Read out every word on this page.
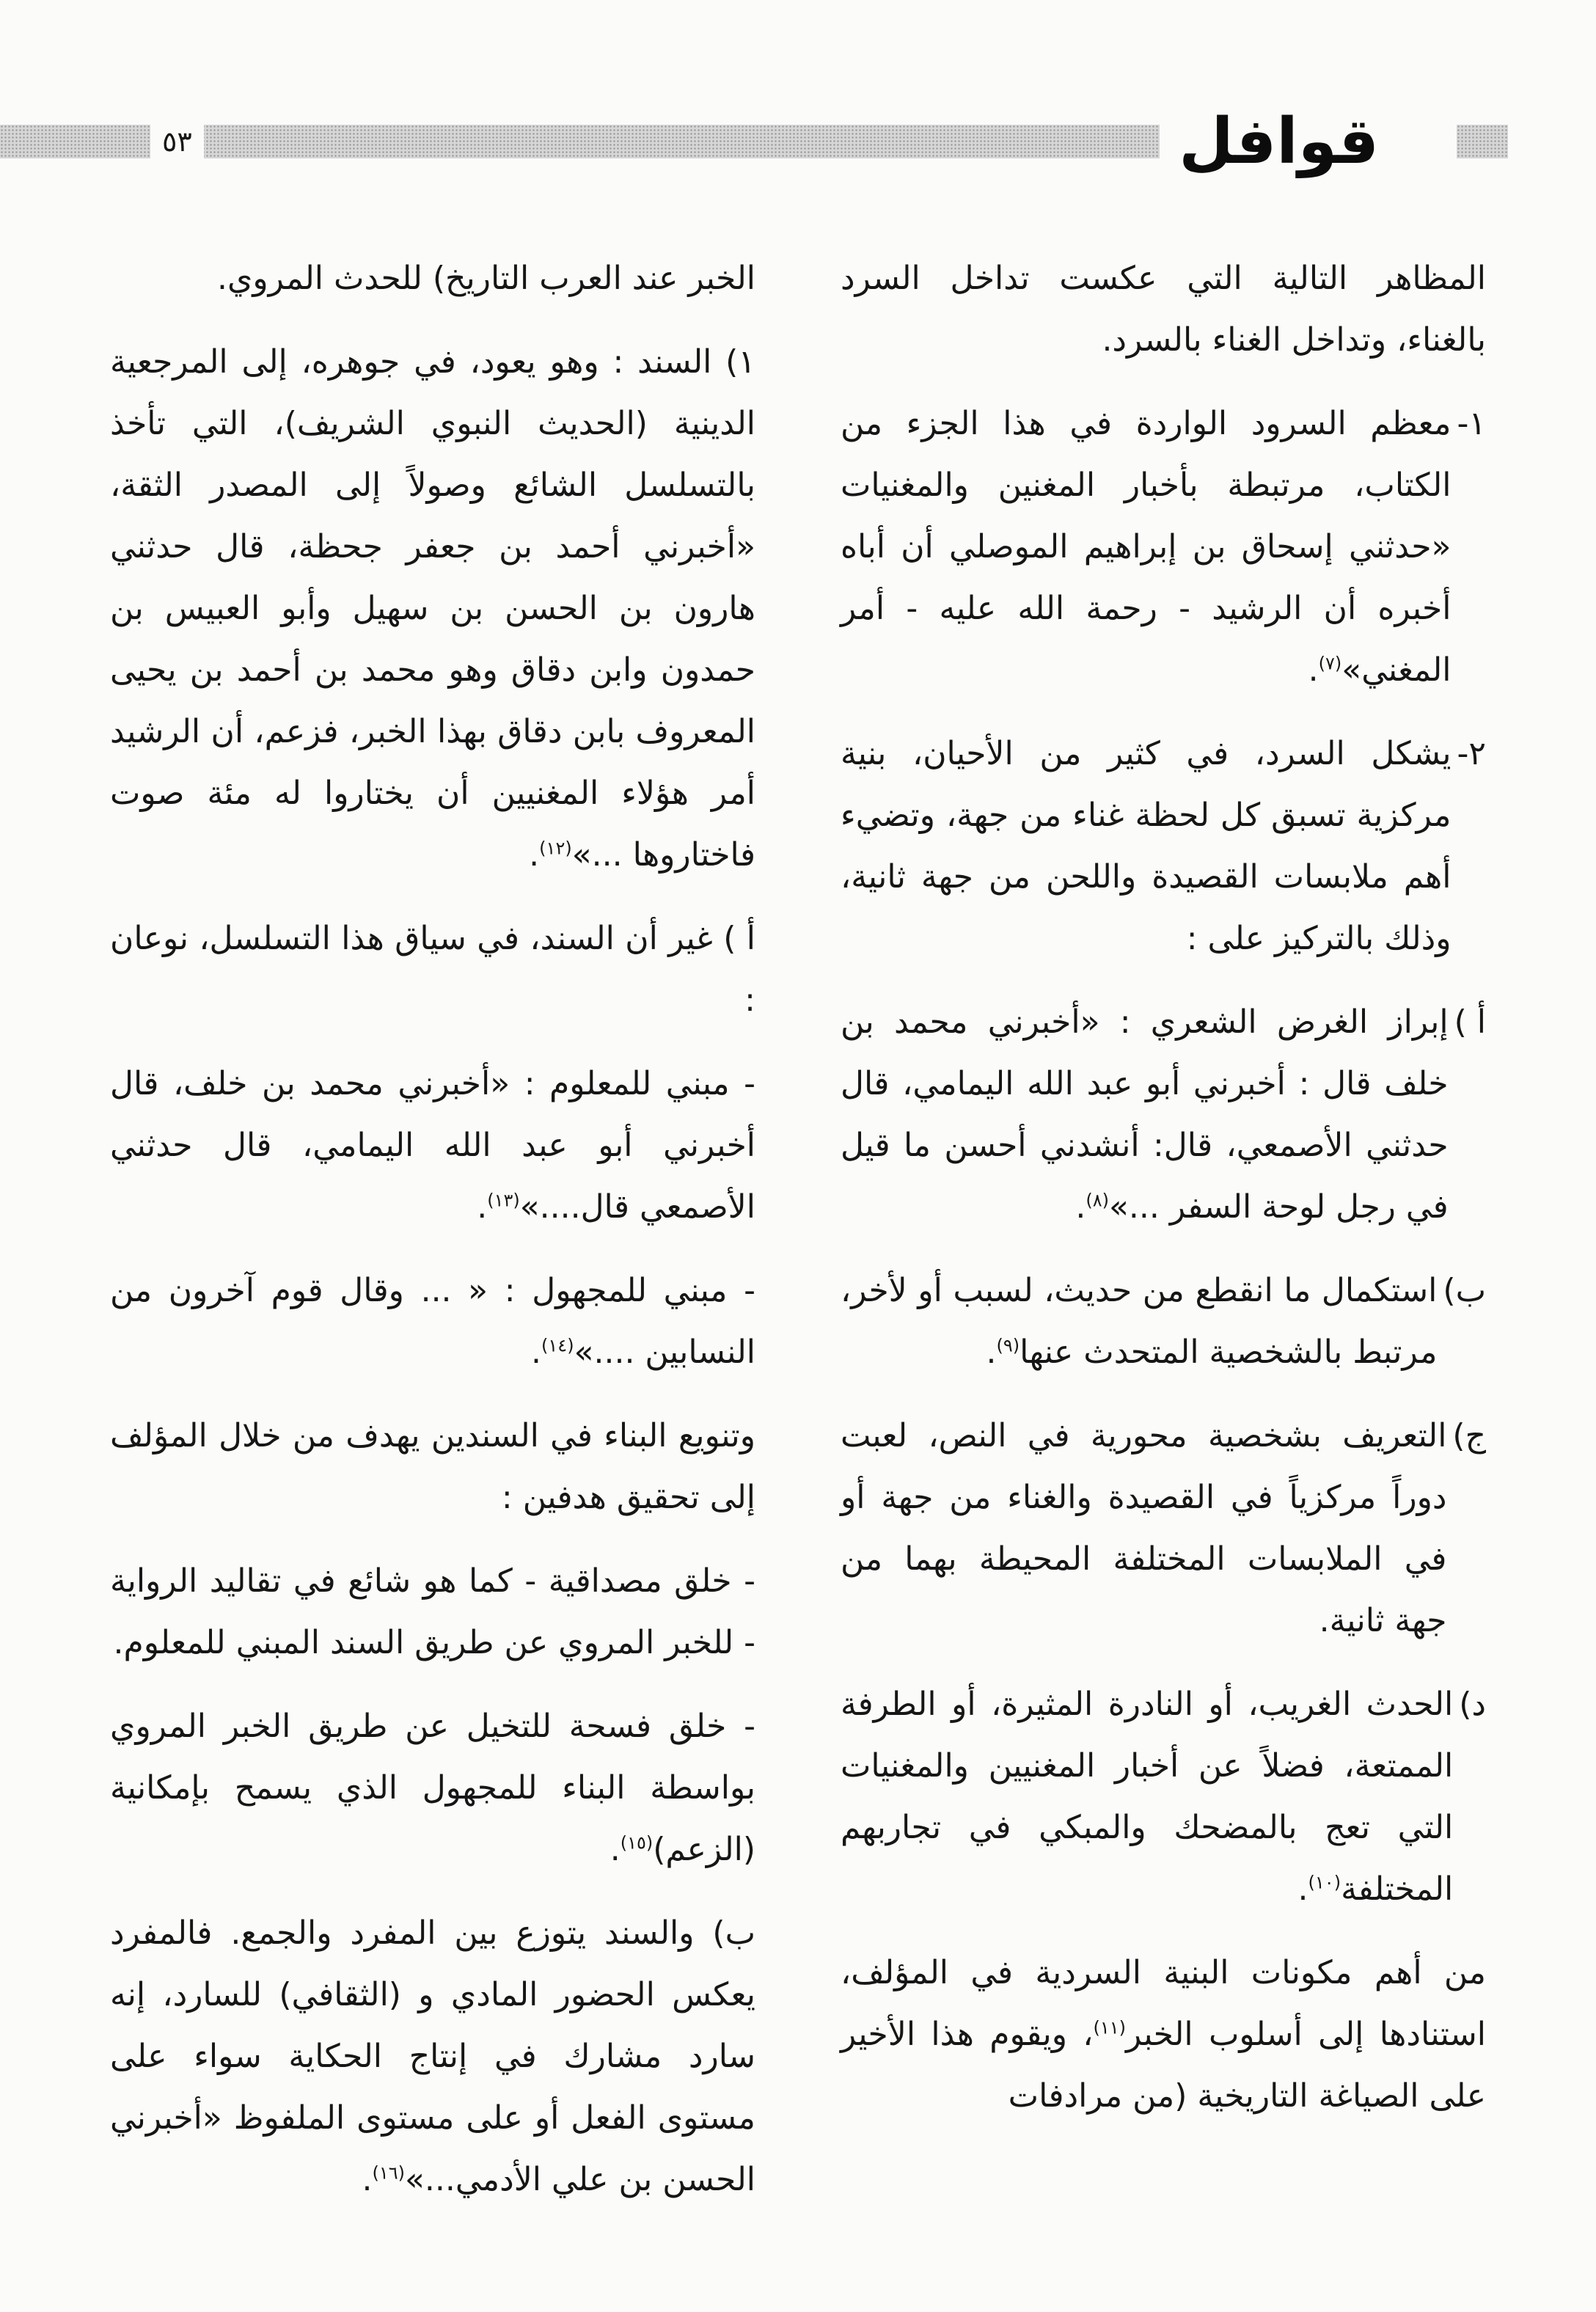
قوافل
٥٣

المظاهر التالية التي عكست تداخل السرد بالغناء، وتداخل الغناء بالسرد.

١-
معظم السرود الواردة في هذا الجزء من الكتاب، مرتبطة بأخبار المغنين والمغنيات «حدثني إسحاق بن إبراهيم الموصلي أن أباه أخبره أن الرشيد - رحمة الله عليه - أمر المغني»$^{(٧)}$.
٢-
يشكل السرد، في كثير من الأحيان، بنية مركزية تسبق كل لحظة غناء من جهة، وتضيء أهم ملابسات القصيدة واللحن من جهة ثانية، وذلك بالتركيز على :
أ )
إبراز الغرض الشعري : «أخبرني محمد بن خلف قال : أخبرني أبو عبد الله اليمامي، قال حدثني الأصمعي، قال: أنشدني أحسن ما قيل في رجل لوحة السفر ...»$^{(٨)}$.
ب)
استكمال ما انقطع من حديث، لسبب أو لأخر، مرتبط بالشخصية المتحدث عنها$^{(٩)}$.
ج)
التعريف بشخصية محورية في النص، لعبت دوراً مركزياً في القصيدة والغناء من جهة أو في الملابسات المختلفة المحيطة بهما من جهة ثانية.
د)
الحدث الغريب، أو النادرة المثيرة، أو الطرفة الممتعة، فضلاً عن أخبار المغنيين والمغنيات التي تعج بالمضحك والمبكي في تجاربهم المختلفة$^{(١٠)}$.

من أهم مكونات البنية السردية في المؤلف، استنادها إلى أسلوب الخبر$^{(١١)}$، ويقوم هذا الأخير على الصياغة التاريخية (من مرادفات

الخبر عند العرب التاريخ) للحدث المروي.

١) السند : وهو يعود، في جوهره، إلى المرجعية الدينية (الحديث النبوي الشريف)، التي تأخذ بالتسلسل الشائع وصولاً إلى المصدر الثقة، «أخبرني أحمد بن جعفر جحظة، قال حدثني هارون بن الحسن بن سهيل وأبو العبيس بن حمدون وابن دقاق وهو محمد بن أحمد بن يحيى المعروف بابن دقاق بهذا الخبر، فزعم، أن الرشيد أمر هؤلاء المغنيين أن يختاروا له مئة صوت فاختاروها ...»$^{(١٢)}$.

أ ) غير أن السند، في سياق هذا التسلسل، نوعان :

- مبني للمعلوم : «أخبرني محمد بن خلف، قال أخبرني أبو عبد الله اليمامي، قال حدثني الأصمعي قال....»$^{(١٣)}$.

- مبني للمجهول : « ... وقال قوم آخرون من النسابين ....»$^{(١٤)}$.

وتنويع البناء في السندين يهدف من خلال المؤلف إلى تحقيق هدفين :

- خلق مصداقية - كما هو شائع في تقاليد الرواية - للخبر المروي عن طريق السند المبني للمعلوم.

- خلق فسحة للتخيل عن طريق الخبر المروي بواسطة البناء للمجهول الذي يسمح بإمكانية (الزعم)$^{(١٥)}$.

ب) والسند يتوزع بين المفرد والجمع. فالمفرد يعكس الحضور المادي و (الثقافي) للسارد، إنه سارد مشارك في إنتاج الحكاية سواء على مستوى الفعل أو على مستوى الملفوظ «أخبرني الحسن بن علي الأدمي...»$^{(١٦)}$.
